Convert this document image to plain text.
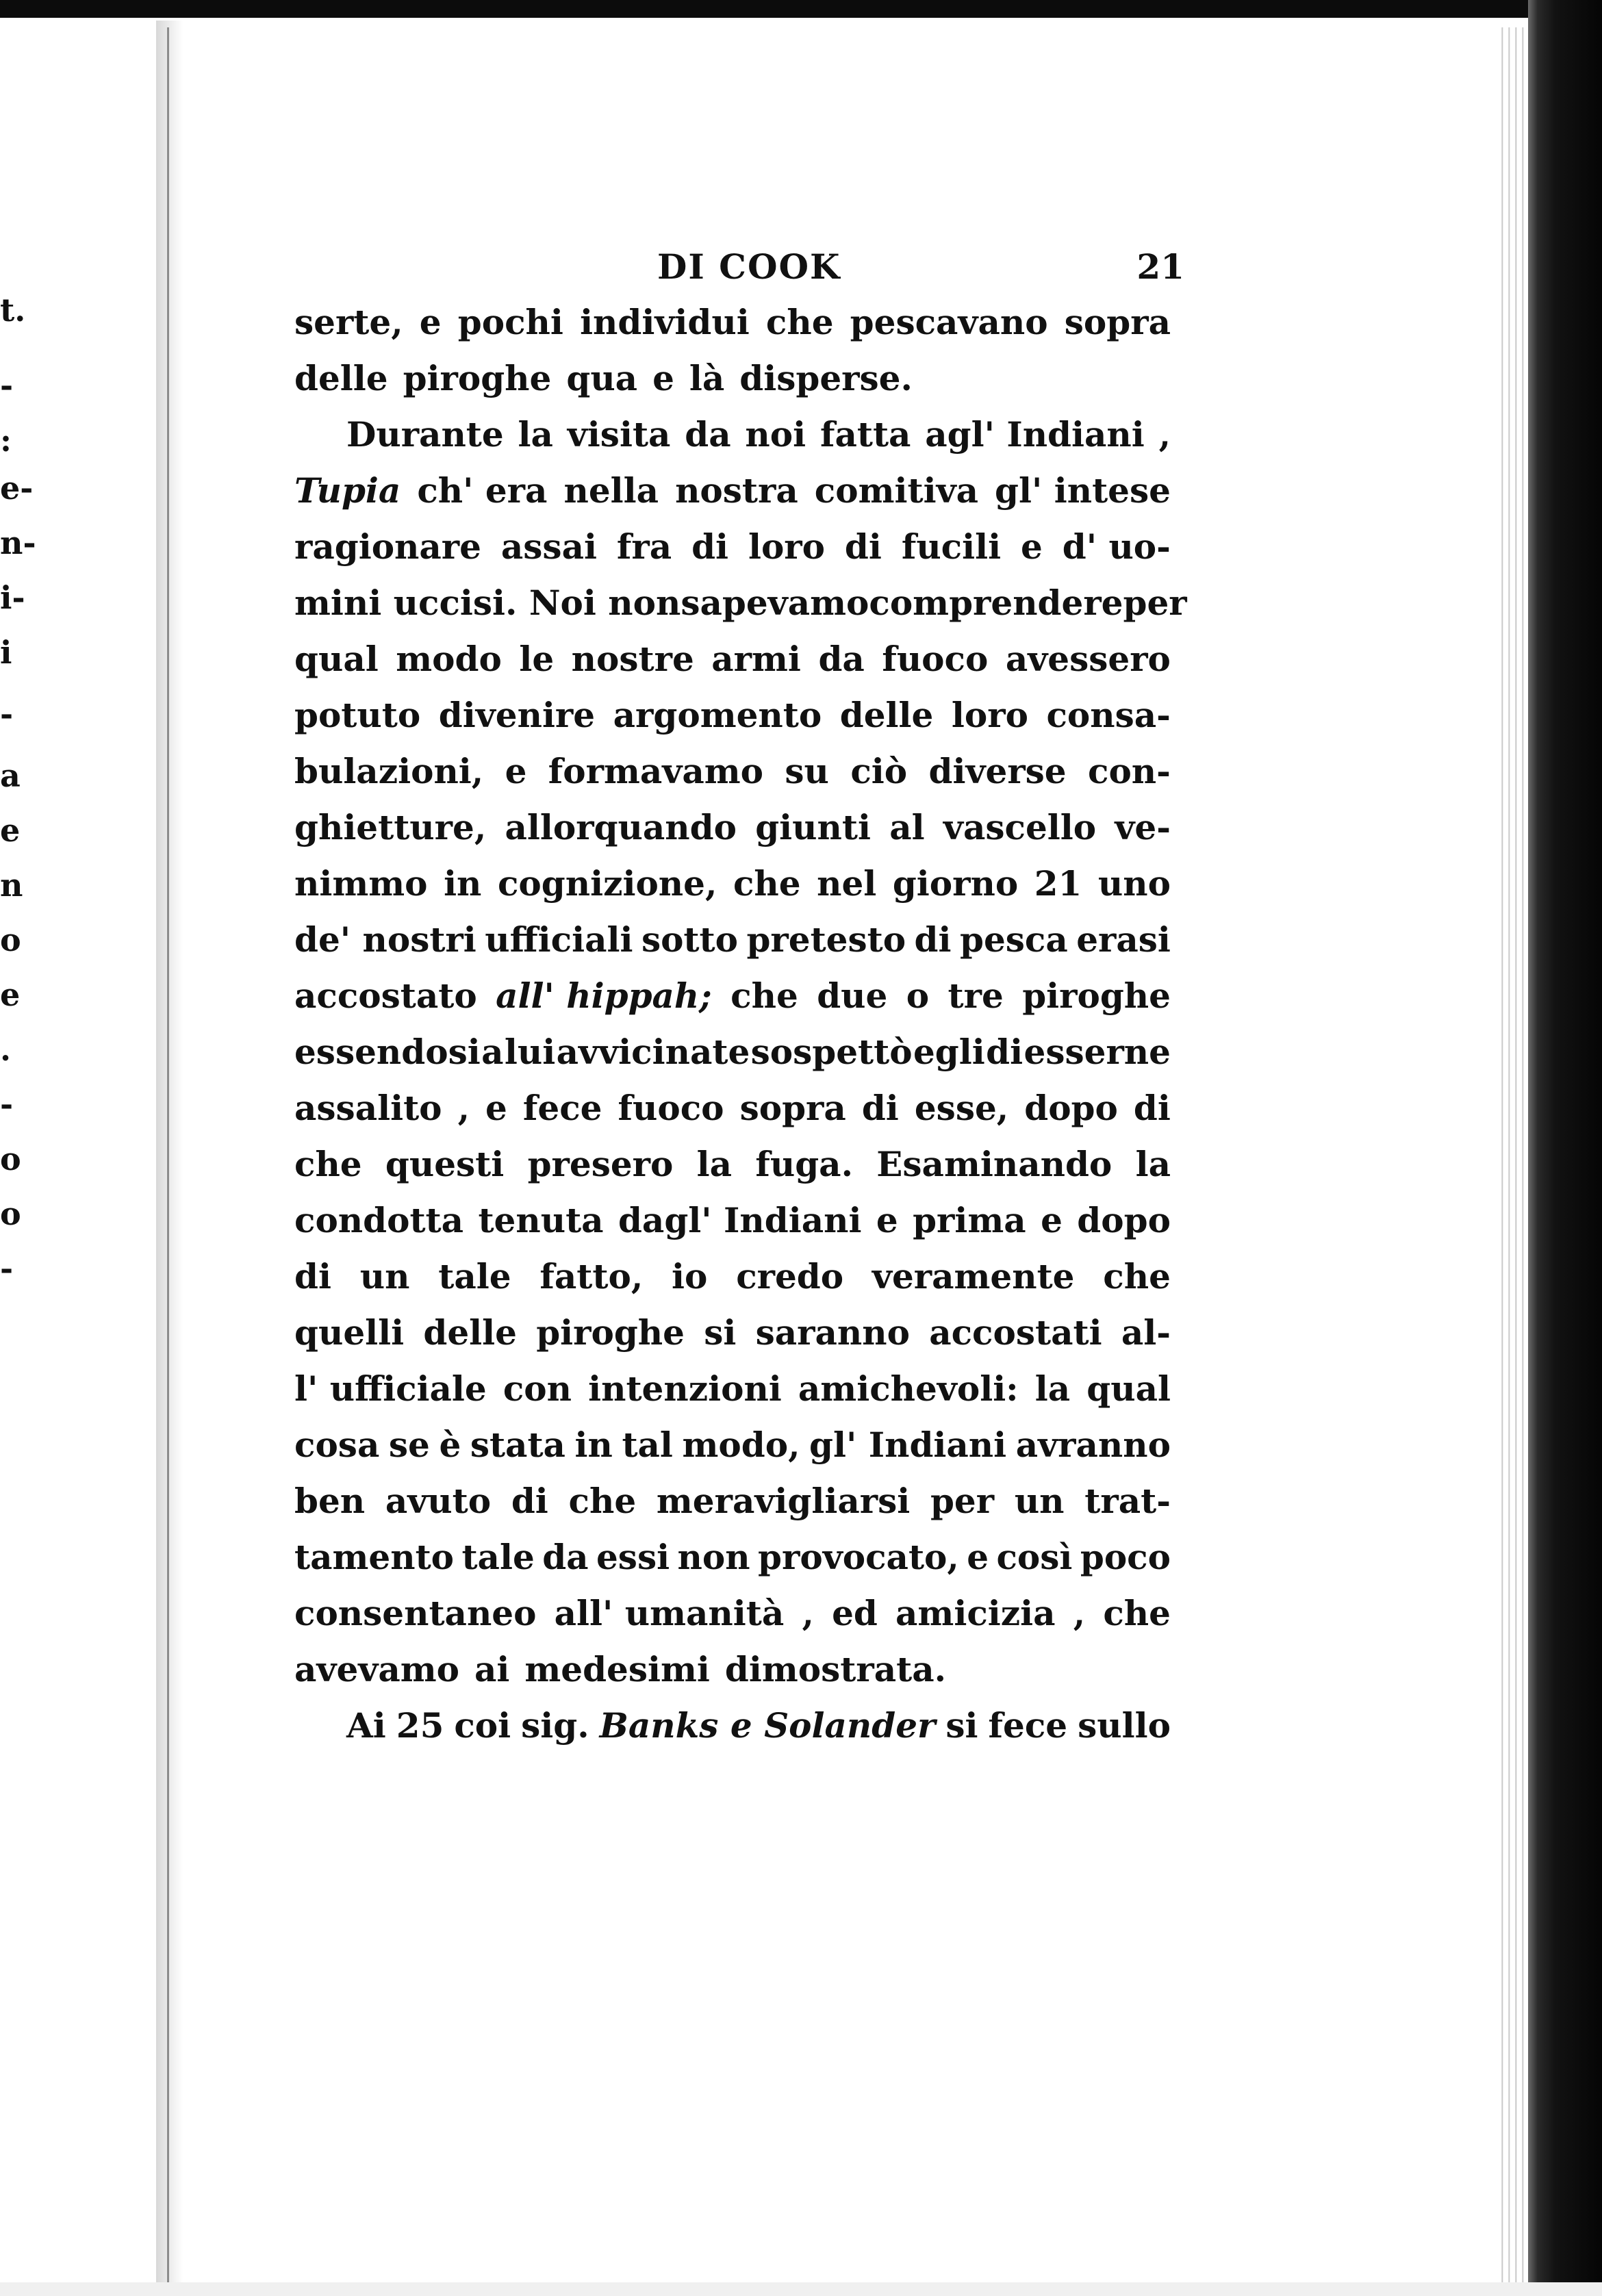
t.
-
:
e-
n-
i-
i
-
a
e
n
o
e
.
-
o
o
-
DI COOK	21
serte, e pochi individui che pescavano sopra
delle piroghe qua e là disperse.
Durante la visita da noi fatta agl' Indiani ,
Tupia ch' era nella nostra comitiva gl' intese
ragionare assai fra di loro di fucili e d' uo-
mini uccisi. Noi non sapevamo comprendere per
qual modo le nostre armi da fuoco avessero
potuto divenire argomento delle loro consa-
bulazioni, e formavamo su ciò diverse con-
ghietture, allorquando giunti al vascello ve-
nimmo in cognizione, che nel giorno 21 uno
de' nostri ufficiali sotto pretesto di pesca erasi
accostato all' hippah; che due o tre piroghe
essendosi a lui avvicinate sospettò egli di esserne
assalito , e fece fuoco sopra di esse, dopo di
che questi presero la fuga. Esaminando la
condotta tenuta dagl' Indiani e prima e dopo
di un tale fatto, io credo veramente che
quelli delle piroghe si saranno accostati al-
l' ufficiale con intenzioni amichevoli: la qual
cosa se è stata in tal modo, gl' Indiani avranno
ben avuto di che meravigliarsi per un trat-
tamento tale da essi non provocato, e così poco
consentaneo all' umanità , ed amicizia , che
avevamo ai medesimi dimostrata.
Ai 25 coi sig. Banks e Solander si fece sullo
